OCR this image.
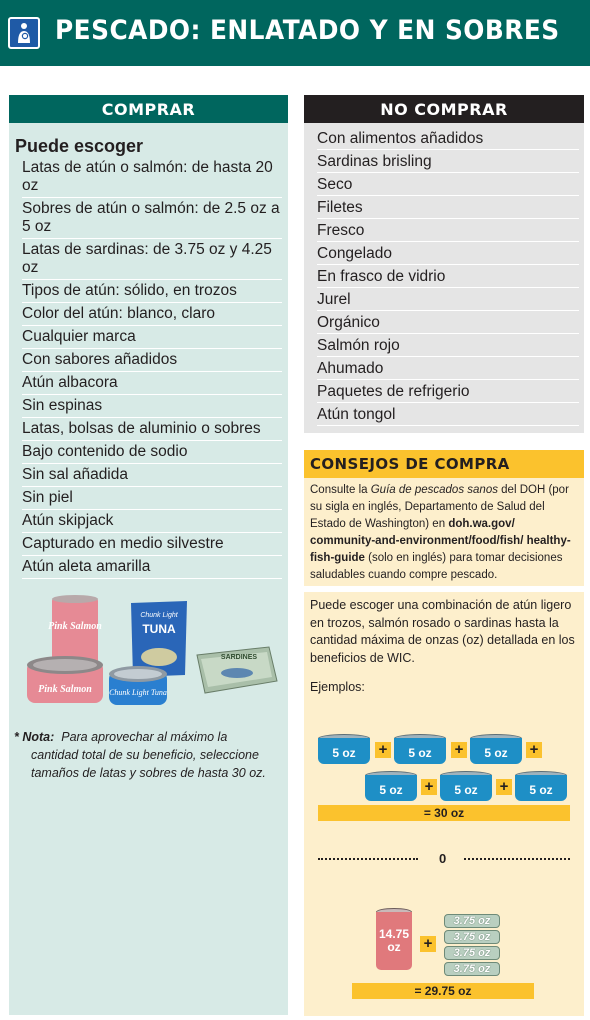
PESCADO: ENLATADO Y EN SOBRES
COMPRAR
Puede escoger
Latas de atún o salmón: de hasta 20 oz
Sobres de atún o salmón: de 2.5 oz a 5 oz
Latas de sardinas: de 3.75 oz y 4.25 oz
Tipos de atún: sólido, en trozos
Color del atún: blanco, claro
Cualquier marca
Con sabores añadidos
Atún albacora
Sin espinas
Latas, bolsas de aluminio o sobres
Bajo contenido de sodio
Sin sal añadida
Sin piel
Atún skipjack
Capturado en medio silvestre
Atún aleta amarilla
Pink Salmon
Pink Salmon
Chunk Light
TUNA
Chunk Light Tuna
SARDINES
* Nota: Para aprovechar al máximo la
cantidad total de su beneficio, seleccione tamaños de latas y sobres de hasta 30 oz.
NO COMPRAR
Con alimentos añadidos
Sardinas brisling
Seco
Filetes
Fresco
Congelado
En frasco de vidrio
Jurel
Orgánico
Salmón rojo
Ahumado
Paquetes de refrigerio
Atún tongol
CONSEJOS DE COMPRA
Consulte la Guía de pescados sanos del DOH (por su sigla en inglés, Departamento de Salud del Estado de Washington) en doh.wa.gov/ community-and-environment/food/fish/ healthy-fish-guide (solo en inglés) para tomar decisiones saludables cuando compre pescado.
Puede escoger una combinación de atún ligero en trozos, salmón rosado o sardinas hasta la cantidad máxima de onzas (oz) detallada en los beneficios de WIC.
Ejemplos:
5 oz	+	5 oz	+	5 oz	+
5 oz	+	5 oz	+	5 oz
= 30 oz
0
14.75 oz	+
3.75 oz
3.75 oz
3.75 oz
3.75 oz
= 29.75 oz
